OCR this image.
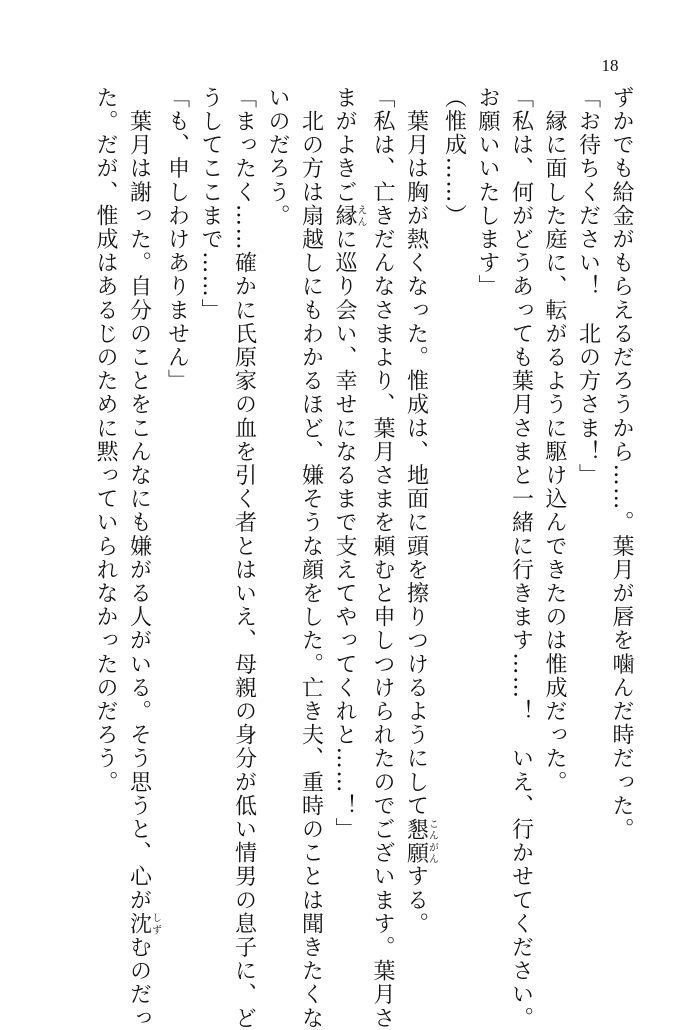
18
ずかでも給金がもらえるだろうから……。葉月が唇を噛んだ時だった。
「お待ちください！　北の方さま！」
　縁に面した庭に、転がるように駆け込んできたのは惟成だった。
「私は、何がどうあっても葉月さまと一緒に行きます……！　いえ、行かせてください。
お願いいたします」
（惟成……）
　葉月は胸が熱くなった。惟成は、地面に頭を擦りつけるようにして懇願こんがんする。
「私は、亡きだんなさまより、葉月さまを頼むと申しつけられたのでございます。葉月さ
まがよきご縁えんに巡り会い、幸せになるまで支えてやってくれと……！」
　北の方は扇越しにもわかるほど、嫌そうな顔をした。亡き夫、重時のことは聞きたくな
いのだろう。
「まったく……確かに氏原家の血を引く者とはいえ、母親の身分が低い情男の息子に、ど
うしてここまで……」
「も、申しわけありません」
　葉月は謝った。自分のことをこんなにも嫌がる人がいる。そう思うと、心が沈しずむのだっ
た。だが、惟成はあるじのために黙っていられなかったのだろう。
